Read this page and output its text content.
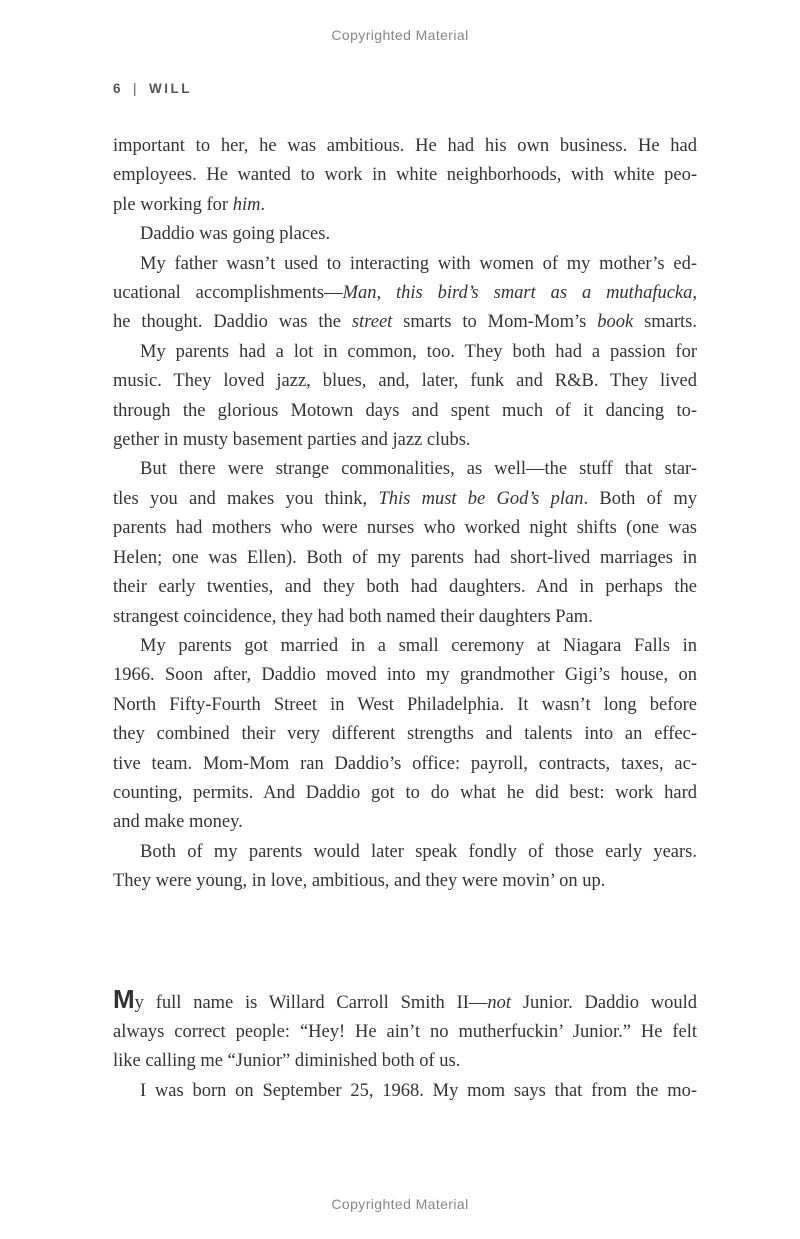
Copyrighted Material
6 | WILL
important to her, he was ambitious. He had his own business. He had
employees. He wanted to work in white neighborhoods, with white peo-
ple working for him.
Daddio was going places.
My father wasn’t used to interacting with women of my mother’s ed-
ucational accomplishments—Man, this bird’s smart as a muthafucka,
he thought. Daddio was the street smarts to Mom-Mom’s book smarts.
My parents had a lot in common, too. They both had a passion for
music. They loved jazz, blues, and, later, funk and R&B. They lived
through the glorious Motown days and spent much of it dancing to-
gether in musty basement parties and jazz clubs.
But there were strange commonalities, as well—the stuff that star-
tles you and makes you think, This must be God’s plan. Both of my
parents had mothers who were nurses who worked night shifts (one was
Helen; one was Ellen). Both of my parents had short-lived marriages in
their early twenties, and they both had daughters. And in perhaps the
strangest coincidence, they had both named their daughters Pam.
My parents got married in a small ceremony at Niagara Falls in
1966. Soon after, Daddio moved into my grandmother Gigi’s house, on
North Fifty-Fourth Street in West Philadelphia. It wasn’t long before
they combined their very different strengths and talents into an effec-
tive team. Mom-Mom ran Daddio’s office: payroll, contracts, taxes, ac-
counting, permits. And Daddio got to do what he did best: work hard
and make money.
Both of my parents would later speak fondly of those early years.
They were young, in love, ambitious, and they were movin’ on up.
My full name is Willard Carroll Smith II—not Junior. Daddio would
always correct people: “Hey! He ain’t no mutherfuckin’ Junior.” He felt
like calling me “Junior” diminished both of us.
I was born on September 25, 1968. My mom says that from the mo-
Copyrighted Material
